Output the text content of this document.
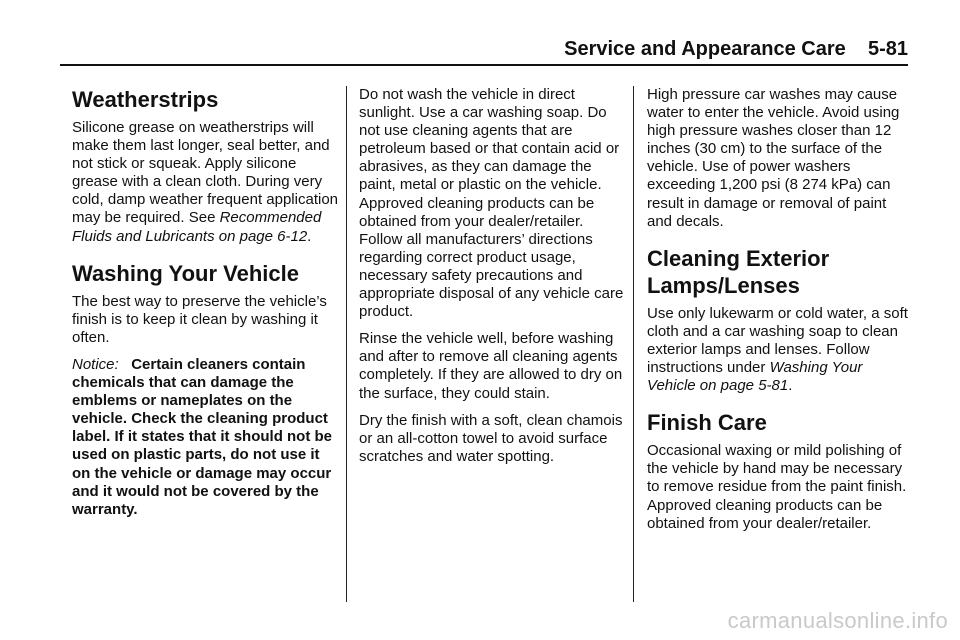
Service and Appearance Care 5-81
Weatherstrips

Silicone grease on weatherstrips will make them last longer, seal better, and not stick or squeak. Apply silicone grease with a clean cloth. During very cold, damp weather frequent application may be required. See Recommended Fluids and Lubricants on page 6-12.

Washing Your Vehicle

The best way to preserve the vehicle’s finish is to keep it clean by washing it often.

Notice: Certain cleaners contain chemicals that can damage the emblems or nameplates on the vehicle. Check the cleaning product label. If it states that it should not be used on plastic parts, do not use it on the vehicle or damage may occur and it would not be covered by the warranty.

Do not wash the vehicle in direct sunlight. Use a car washing soap. Do not use cleaning agents that are petroleum based or that contain acid or abrasives, as they can damage the paint, metal or plastic on the vehicle. Approved cleaning products can be obtained from your dealer/retailer. Follow all manufacturers’ directions regarding correct product usage, necessary safety precautions and appropriate disposal of any vehicle care product.

Rinse the vehicle well, before washing and after to remove all cleaning agents completely. If they are allowed to dry on the surface, they could stain.

Dry the finish with a soft, clean chamois or an all-cotton towel to avoid surface scratches and water spotting.

High pressure car washes may cause water to enter the vehicle. Avoid using high pressure washes closer than 12 inches (30 cm) to the surface of the vehicle. Use of power washers exceeding 1,200 psi (8 274 kPa) can result in damage or removal of paint and decals.

Cleaning Exterior Lamps/Lenses

Use only lukewarm or cold water, a soft cloth and a car washing soap to clean exterior lamps and lenses. Follow instructions under Washing Your Vehicle on page 5-81.

Finish Care

Occasional waxing or mild polishing of the vehicle by hand may be necessary to remove residue from the paint finish. Approved cleaning products can be obtained from your dealer/retailer.

carmanualsonline.info
